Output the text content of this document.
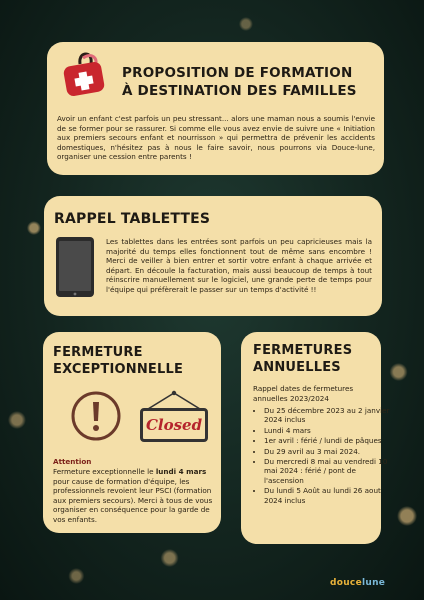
PROPOSITION DE FORMATION À DESTINATION DES FAMILLES

Avoir un enfant c'est parfois un peu stressant... alors une maman nous a soumis l'envie de se former pour se rassurer. Si comme elle vous avez envie de suivre une « Initiation aux premiers secours enfant et nourrisson » qui permettra de prévenir les accidents domestiques, n'hésitez pas à nous le faire savoir, nous pourrons via Douce-lune, organiser une cession entre parents !

RAPPEL TABLETTES

Les tablettes dans les entrées sont parfois un peu capricieuses mais la majorité du temps elles fonctionnent tout de même sans encombre ! Merci de veiller à bien entrer et sortir votre enfant à chaque arrivée et départ. En découle la facturation, mais aussi beaucoup de temps à tout réinscrire manuellement sur le logiciel, une grande perte de temps pour l'équipe qui préfèrerait le passer sur un temps d'activité !!

FERMETURE EXCEPTIONNELLE
Closed
Attention

Fermeture exceptionnelle le lundi 4 mars pour cause de formation d'équipe, les professionnels revoient leur PSCI (formation aux premiers secours). Merci à tous de vous organiser en conséquence pour la garde de vos enfants.

FERMETURES ANNUELLES

Rappel dates de fermetures annuelles 2023/2024

• Du 25 décembre 2023 au 2 janvier 2024 inclus
• Lundi 4 mars
• 1er avril : férié / lundi de pâques
• Du 29 avril au 3 mai 2024.
• Du mercredi 8 mai au vendredi 10 mai 2024 : férié / pont de l'ascension
• Du lundi 5 Août au lundi 26 aout 2024 inclus
doucelune
